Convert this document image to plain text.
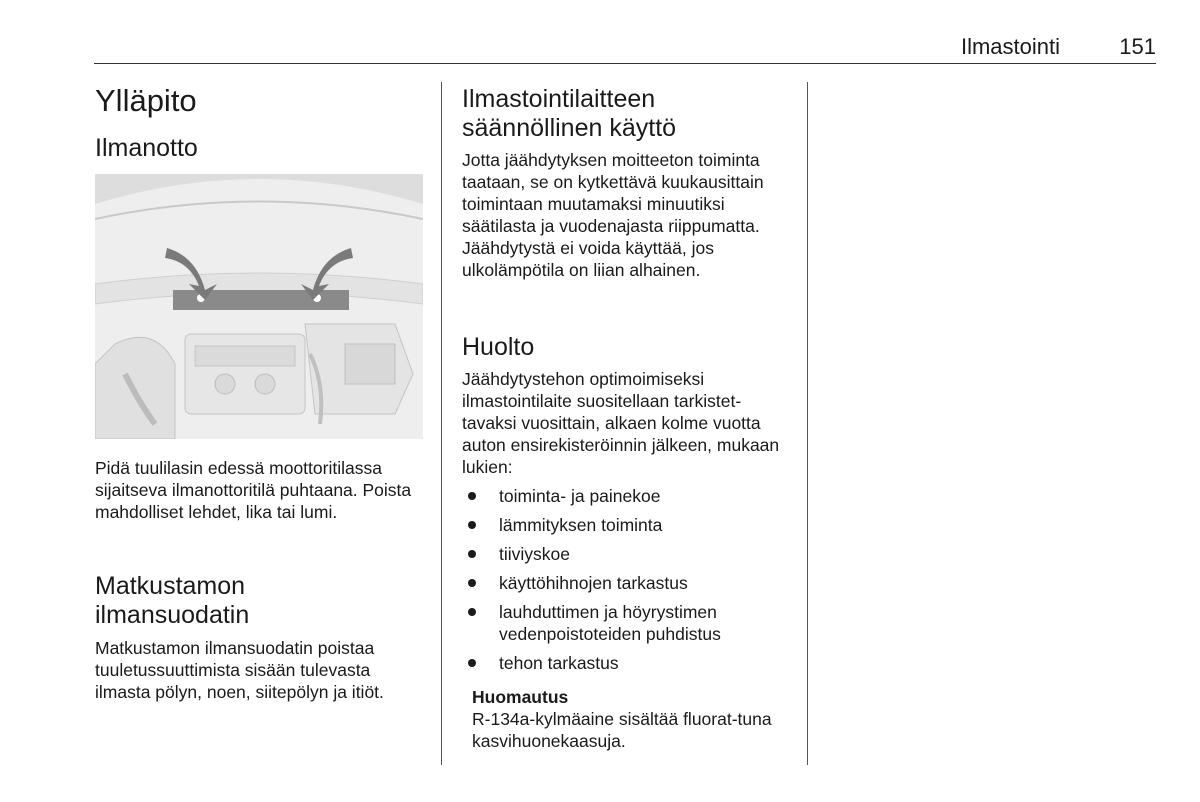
Ilmastointi	151
Ylläpito
Ilmanotto

Pidä tuulilasin edessä moottoritilassa sijaitseva ilmanottoritilä puhtaana. Poista mahdolliset lehdet, lika tai lumi.

Matkustamon
ilmansuodatin

Matkustamon ilmansuodatin poistaa tuuletussuuttimista sisään tulevasta ilmasta pölyn, noen, siitepölyn ja itiöt.

Ilmastointilaitteen
säännöllinen käyttö

Jotta jäähdytyksen moitteeton toiminta taataan, se on kytkettävä kuukausittain toimintaan muutamaksi minuutiksi säätilasta ja vuodenajasta riippumatta. Jäähdytystä ei voida käyttää, jos ulkolämpötila on liian alhainen.

Huolto

Jäähdytystehon optimoimiseksi ilmastointilaite suositellaan tarkistet-tavaksi vuosittain, alkaen kolme vuotta auton ensirekisteröinnin jälkeen, mukaan lukien:

toiminta- ja painekoe
lämmityksen toiminta
tiiviyskoe
käyttöhihnojen tarkastus
lauhduttimen ja höyrystimen vedenpoistoteiden puhdistus
tehon tarkastus
Huomautus
R-134a-kylmäaine sisältää fluorat-tuna kasvihuonekaasuja.
